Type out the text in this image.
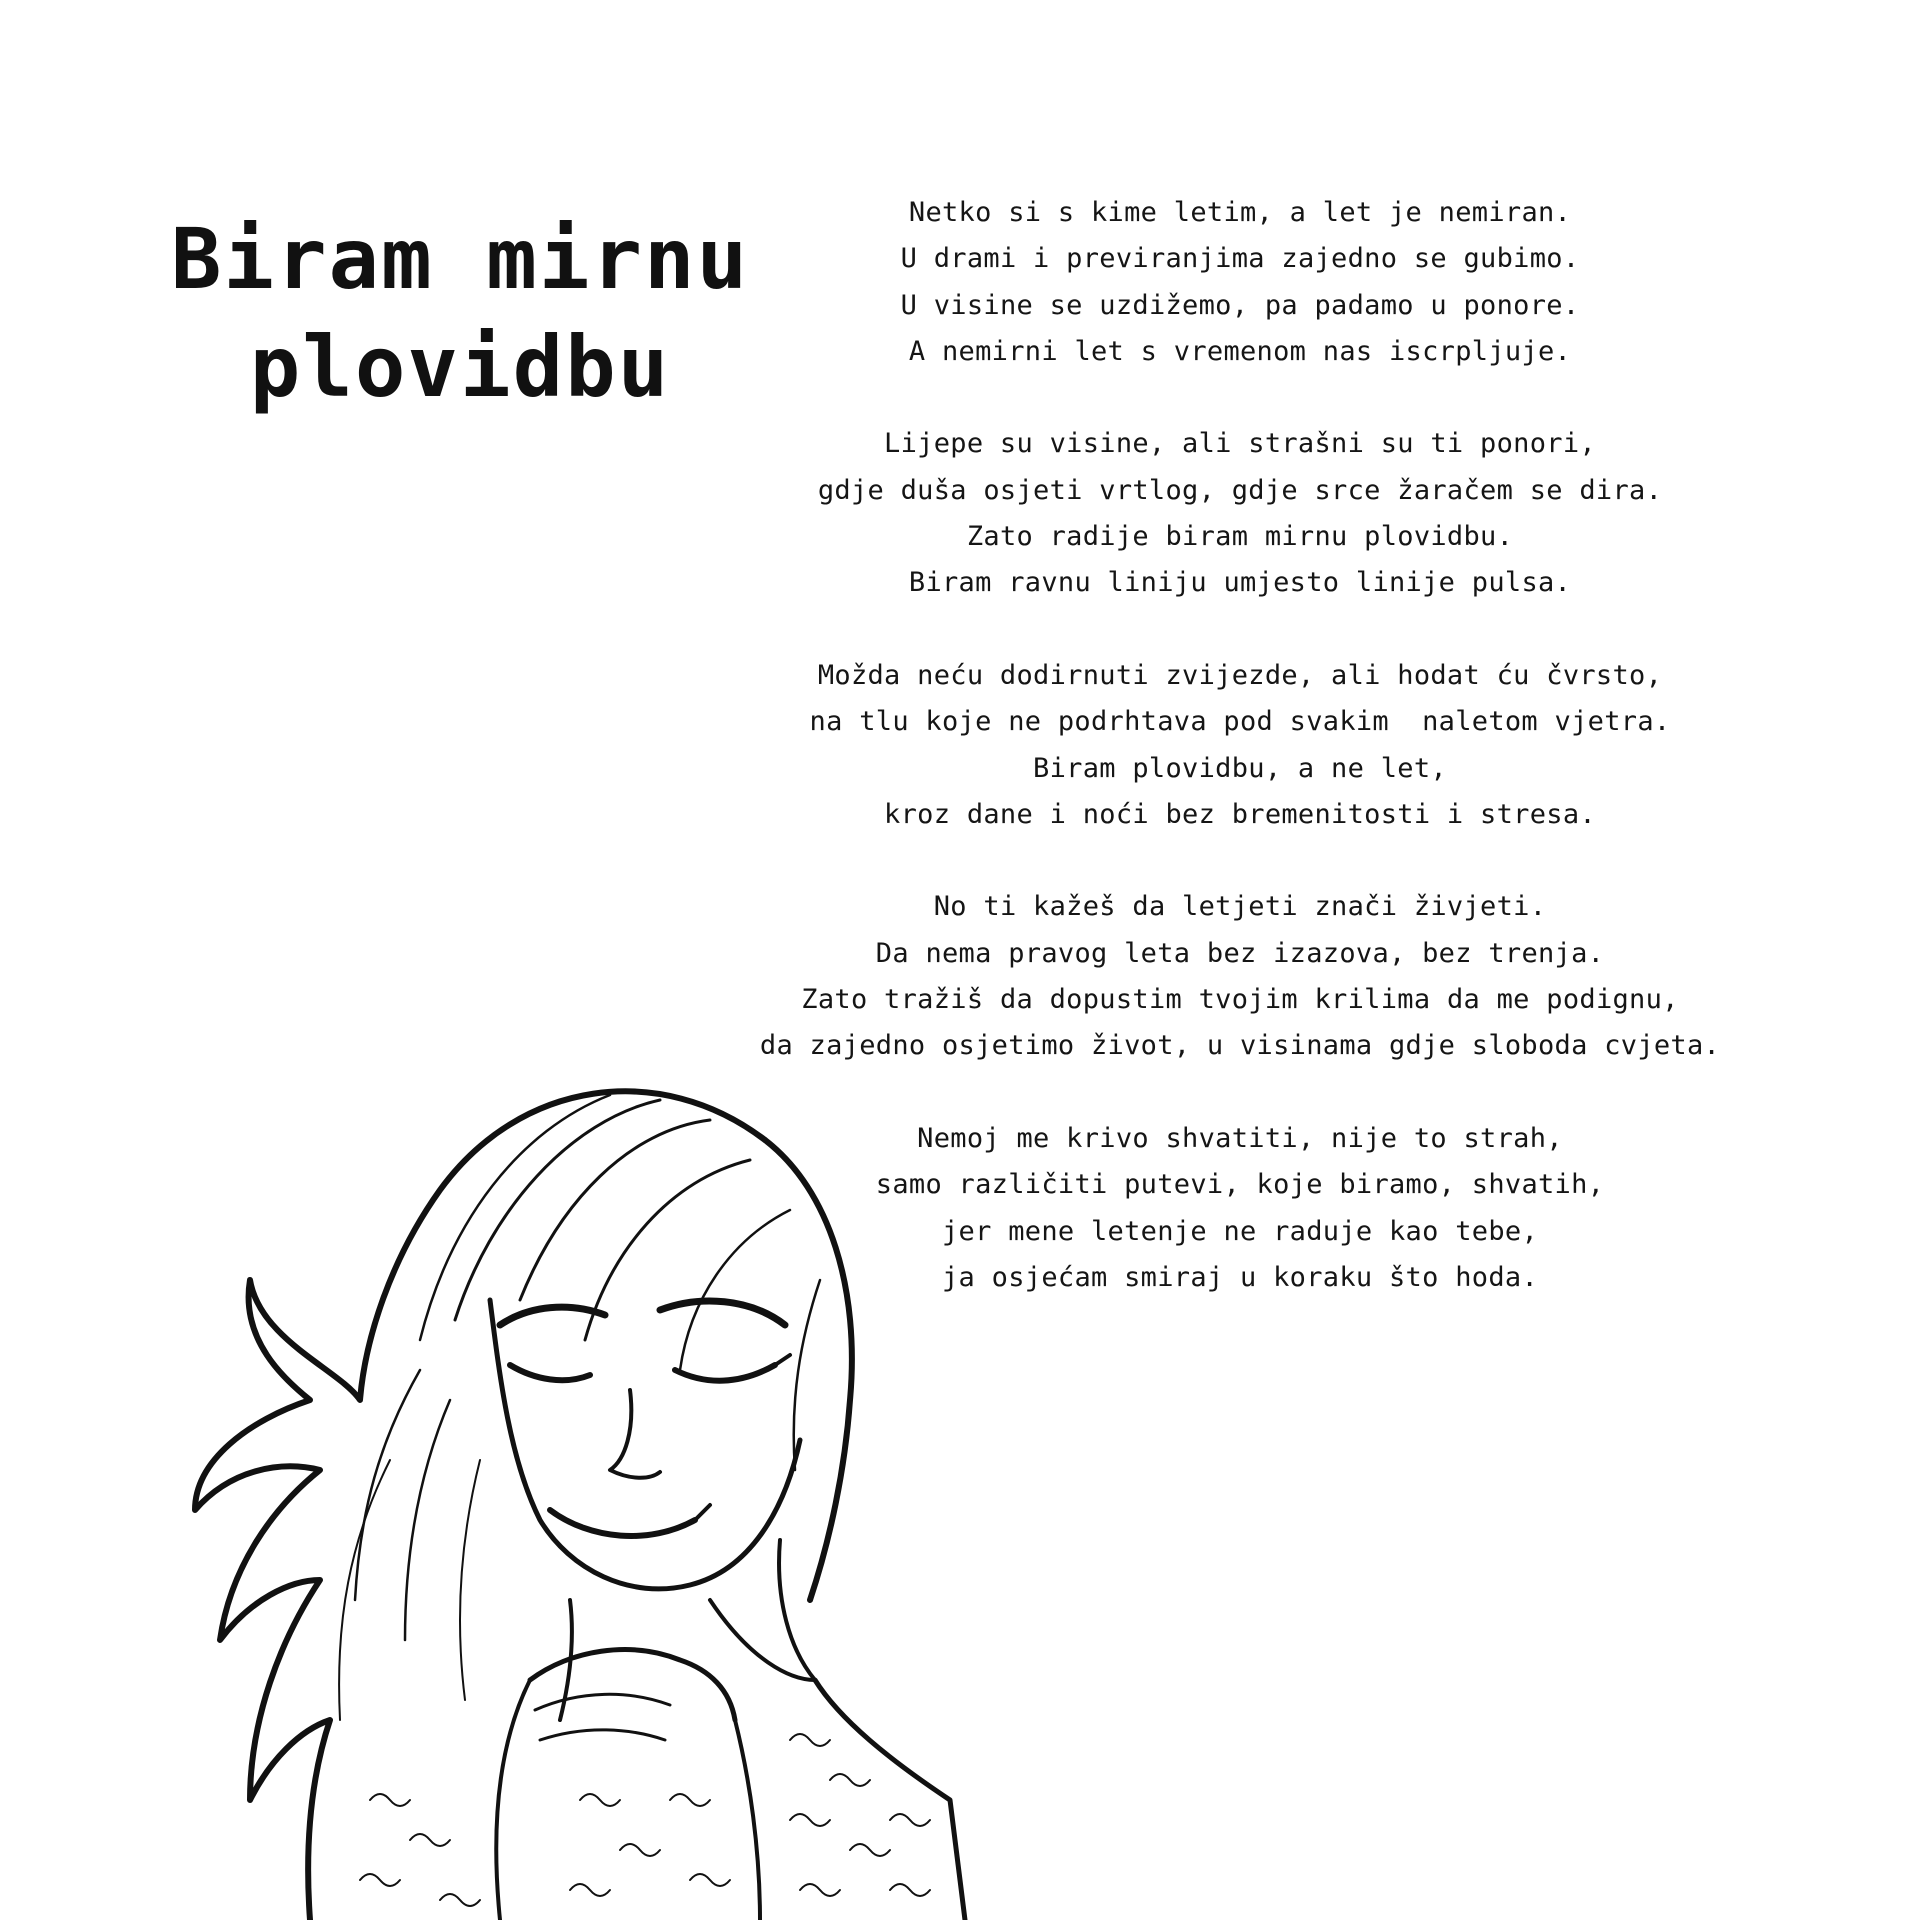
Biram mirnu
plovidbu
Netko si s kime letim, a let je nemiran.
U drami i previranjima zajedno se gubimo.
U visine se uzdižemo, pa padamo u ponore.
A nemirni let s vremenom nas iscrpljuje.
Lijepe su visine, ali strašni su ti ponori,
gdje duša osjeti vrtlog, gdje srce žaračem se dira.
Zato radije biram mirnu plovidbu.
Biram ravnu liniju umjesto linije pulsa.
Možda neću dodirnuti zvijezde, ali hodat ću čvrsto,
na tlu koje ne podrhtava pod svakim  naletom vjetra.
Biram plovidbu, a ne let,
kroz dane i noći bez bremenitosti i stresa.
No ti kažeš da letjeti znači živjeti.
Da nema pravog leta bez izazova, bez trenja.
Zato tražiš da dopustim tvojim krilima da me podignu,
da zajedno osjetimo život, u visinama gdje sloboda cvjeta.
Nemoj me krivo shvatiti, nije to strah,
samo različiti putevi, koje biramo, shvatih,
jer mene letenje ne raduje kao tebe,
ja osjećam smiraj u koraku što hoda.
